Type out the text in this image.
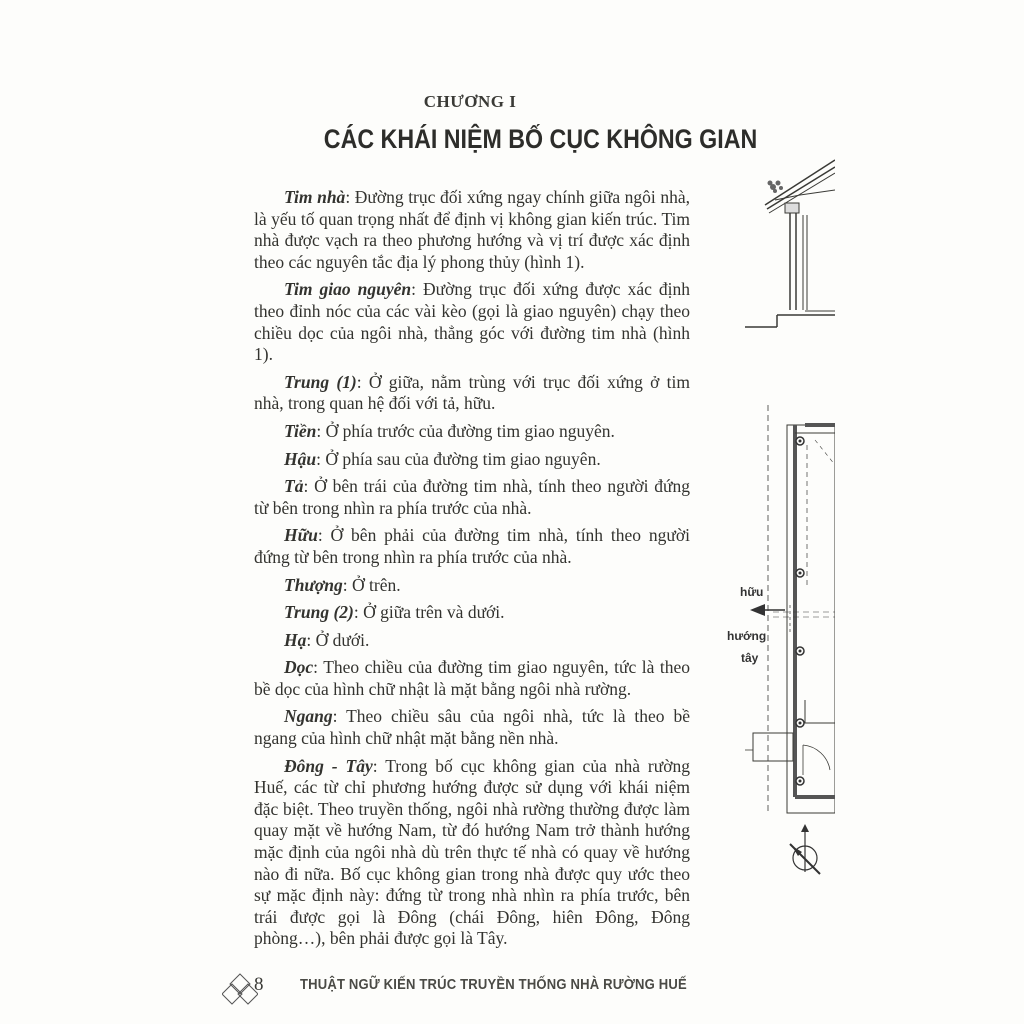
CHƯƠNG I
CÁC KHÁI NIỆM BỐ CỤC KHÔNG GIAN

Tim nhà: Đường trục đối xứng ngay chính giữa ngôi nhà, là yếu tố quan trọng nhất để định vị không gian kiến trúc. Tim nhà được vạch ra theo phương hướng và vị trí được xác định theo các nguyên tắc địa lý phong thủy (hình 1).

Tim giao nguyên: Đường trục đối xứng được xác định theo đỉnh nóc của các vài kèo (gọi là giao nguyên) chạy theo chiều dọc của ngôi nhà, thẳng góc với đường tim nhà (hình 1).

Trung (1): Ở giữa, nằm trùng với trục đối xứng ở tim nhà, trong quan hệ đối với tả, hữu.

Tiền: Ở phía trước của đường tim giao nguyên.

Hậu: Ở phía sau của đường tim giao nguyên.

Tả: Ở bên trái của đường tim nhà, tính theo người đứng từ bên trong nhìn ra phía trước của nhà.

Hữu: Ở bên phải của đường tim nhà, tính theo người đứng từ bên trong nhìn ra phía trước của nhà.

Thượng: Ở trên.

Trung (2): Ở giữa trên và dưới.

Hạ: Ở dưới.

Dọc: Theo chiều của đường tim giao nguyên, tức là theo bề dọc của hình chữ nhật là mặt bằng ngôi nhà rường.

Ngang: Theo chiều sâu của ngôi nhà, tức là theo bề ngang của hình chữ nhật mặt bằng nền nhà.

Đông - Tây: Trong bố cục không gian của nhà rường Huế, các từ chỉ phương hướng được sử dụng với khái niệm đặc biệt. Theo truyền thống, ngôi nhà rường thường được làm quay mặt về hướng Nam, từ đó hướng Nam trở thành hướng mặc định của ngôi nhà dù trên thực tế nhà có quay về hướng nào đi nữa. Bố cục không gian trong nhà được quy ước theo sự mặc định này: đứng từ trong nhà nhìn ra phía trước, bên trái được gọi là Đông (chái Đông, hiên Đông, Đông phòng…), bên phải được gọi là Tây.

hữu
hướng
tây
8	THUẬT NGỮ KIẾN TRÚC TRUYỀN THỐNG NHÀ RƯỜNG HUẾ
